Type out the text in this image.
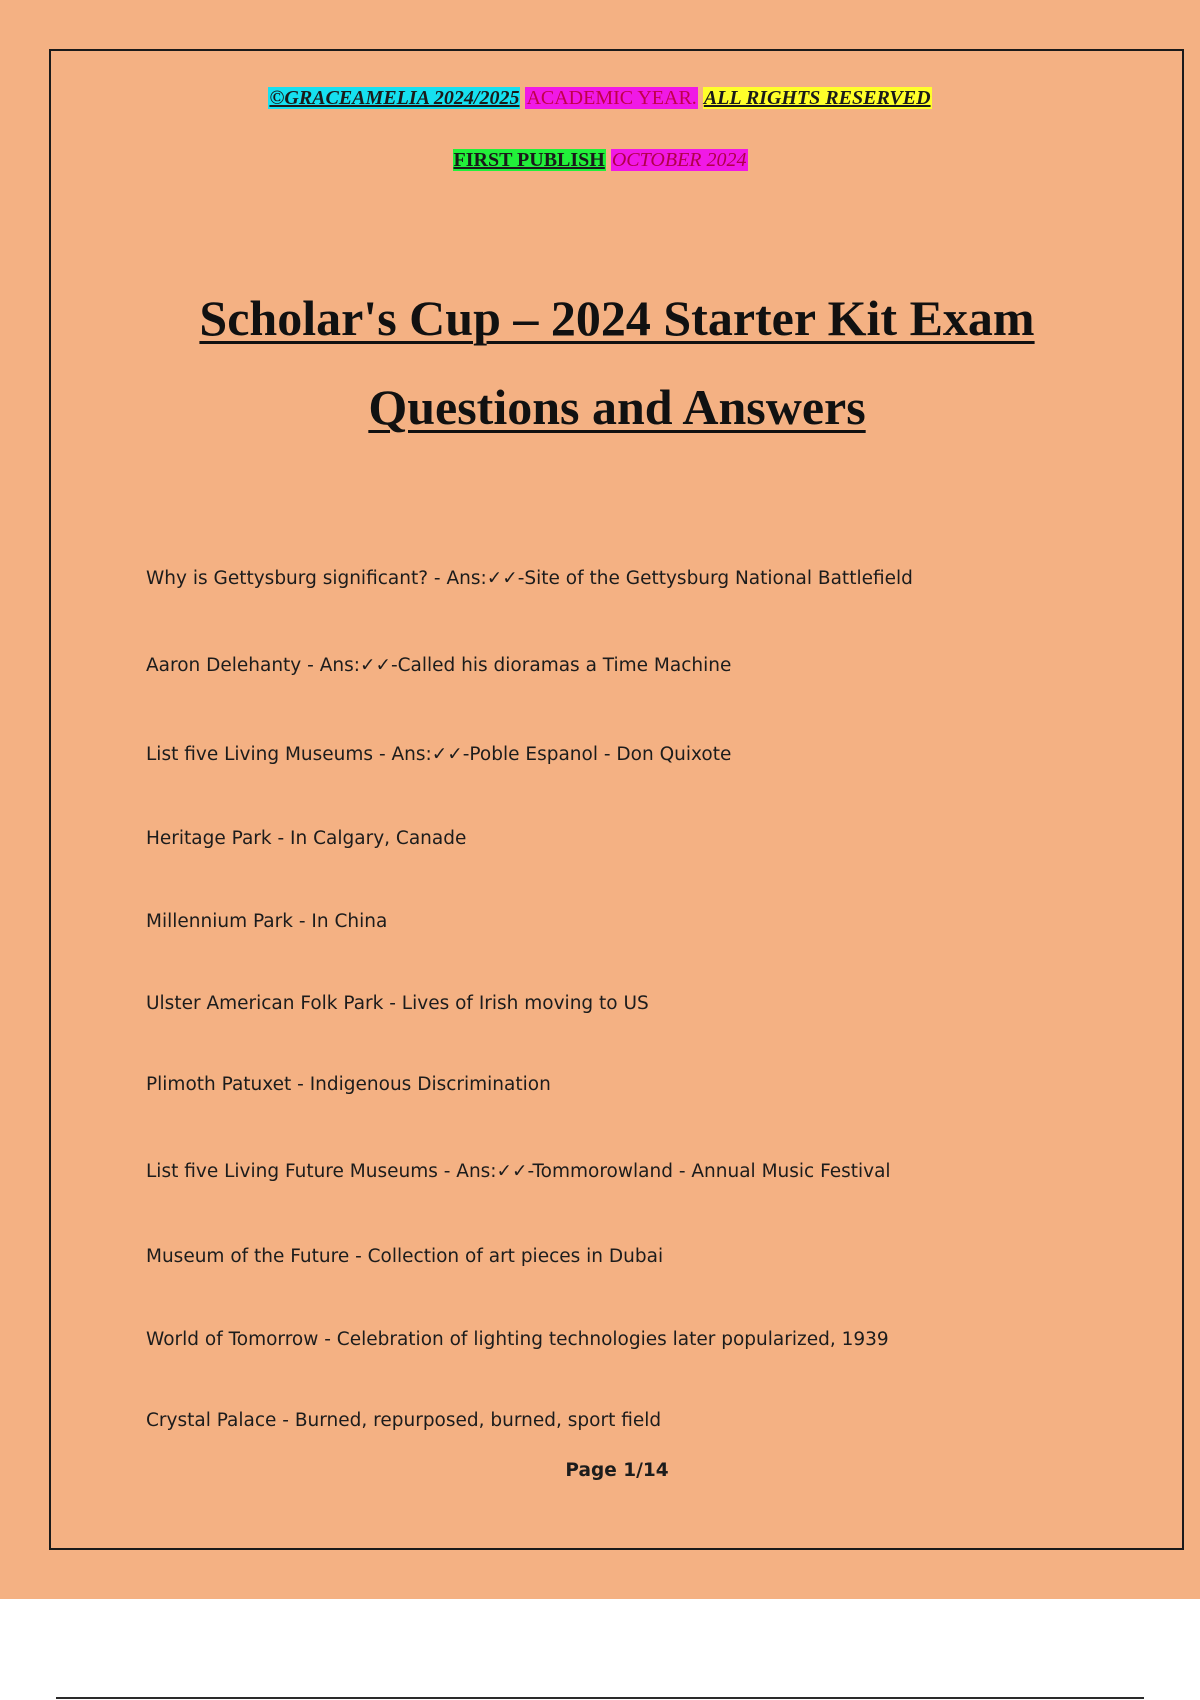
©GRACEAMELIA 2024/2025 ACADEMIC YEAR. ALL RIGHTS RESERVED
FIRST PUBLISH OCTOBER 2024
Scholar's Cup – 2024 Starter Kit Exam
Questions and Answers
Why is Gettysburg significant? - Ans:✓✓-Site of the Gettysburg National Battlefield
Aaron Delehanty - Ans:✓✓-Called his dioramas a Time Machine
List five Living Museums - Ans:✓✓-Poble Espanol - Don Quixote
Heritage Park - In Calgary, Canade
Millennium Park - In China
Ulster American Folk Park - Lives of Irish moving to US
Plimoth Patuxet - Indigenous Discrimination
List five Living Future Museums - Ans:✓✓-Tommorowland - Annual Music Festival
Museum of the Future - Collection of art pieces in Dubai
World of Tomorrow - Celebration of lighting technologies later popularized, 1939
Crystal Palace - Burned, repurposed, burned, sport field
Page 1/14
